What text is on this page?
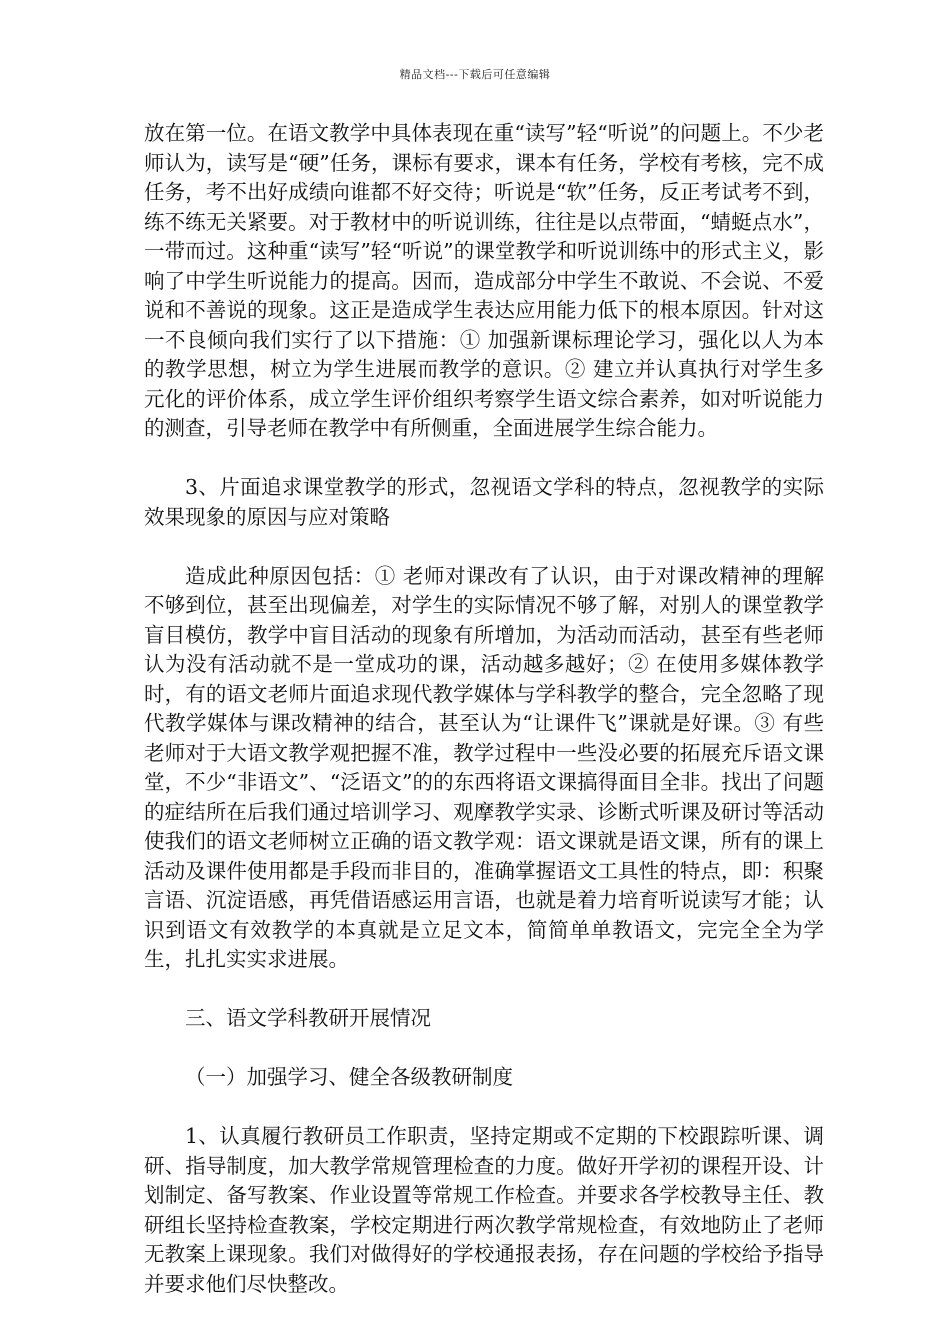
精品文档---下载后可任意编辑

放在第一位。在语文教学中具体表现在重“读写”轻“听说”的问题上。不少老师认为，读写是“硬”任务，课标有要求，课本有任务，学校有考核，完不成任务，考不出好成绩向谁都不好交待；听说是“软”任务，反正考试考不到，练不练无关紧要。对于教材中的听说训练，往往是以点带面，“蜻蜓点水”，一带而过。这种重“读写”轻“听说”的课堂教学和听说训练中的形式主义，影响了中学生听说能力的提高。因而，造成部分中学生不敢说、不会说、不爱说和不善说的现象。这正是造成学生表达应用能力低下的根本原因。针对这一不良倾向我们实行了以下措施：① 加强新课标理论学习，强化以人为本的教学思想，树立为学生进展而教学的意识。② 建立并认真执行对学生多元化的评价体系，成立学生评价组织考察学生语文综合素养，如对听说能力的测查，引导老师在教学中有所侧重，全面进展学生综合能力。

3、片面追求课堂教学的形式，忽视语文学科的特点，忽视教学的实际效果现象的原因与应对策略

造成此种原因包括：① 老师对课改有了认识，由于对课改精神的理解不够到位，甚至出现偏差，对学生的实际情况不够了解，对别人的课堂教学盲目模仿，教学中盲目活动的现象有所增加，为活动而活动，甚至有些老师认为没有活动就不是一堂成功的课，活动越多越好；② 在使用多媒体教学时，有的语文老师片面追求现代教学媒体与学科教学的整合，完全忽略了现代教学媒体与课改精神的结合，甚至认为“让课件飞”课就是好课。③ 有些老师对于大语文教学观把握不准，教学过程中一些没必要的拓展充斥语文课堂，不少“非语文”、“泛语文”的的东西将语文课搞得面目全非。找出了问题的症结所在后我们通过培训学习、观摩教学实录、诊断式听课及研讨等活动使我们的语文老师树立正确的语文教学观：语文课就是语文课，所有的课上活动及课件使用都是手段而非目的，准确掌握语文工具性的特点，即：积聚言语、沉淀语感，再凭借语感运用言语，也就是着力培育听说读写才能；认识到语文有效教学的本真就是立足文本，简简单单教语文，完完全全为学生，扎扎实实求进展。

三、语文学科教研开展情况

（一）加强学习、健全各级教研制度

1、认真履行教研员工作职责，坚持定期或不定期的下校跟踪听课、调研、指导制度，加大教学常规管理检查的力度。做好开学初的课程开设、计划制定、备写教案、作业设置等常规工作检查。并要求各学校教导主任、教研组长坚持检查教案，学校定期进行两次教学常规检查，有效地防止了老师无教案上课现象。我们对做得好的学校通报表扬，存在问题的学校给予指导并要求他们尽快整改。
